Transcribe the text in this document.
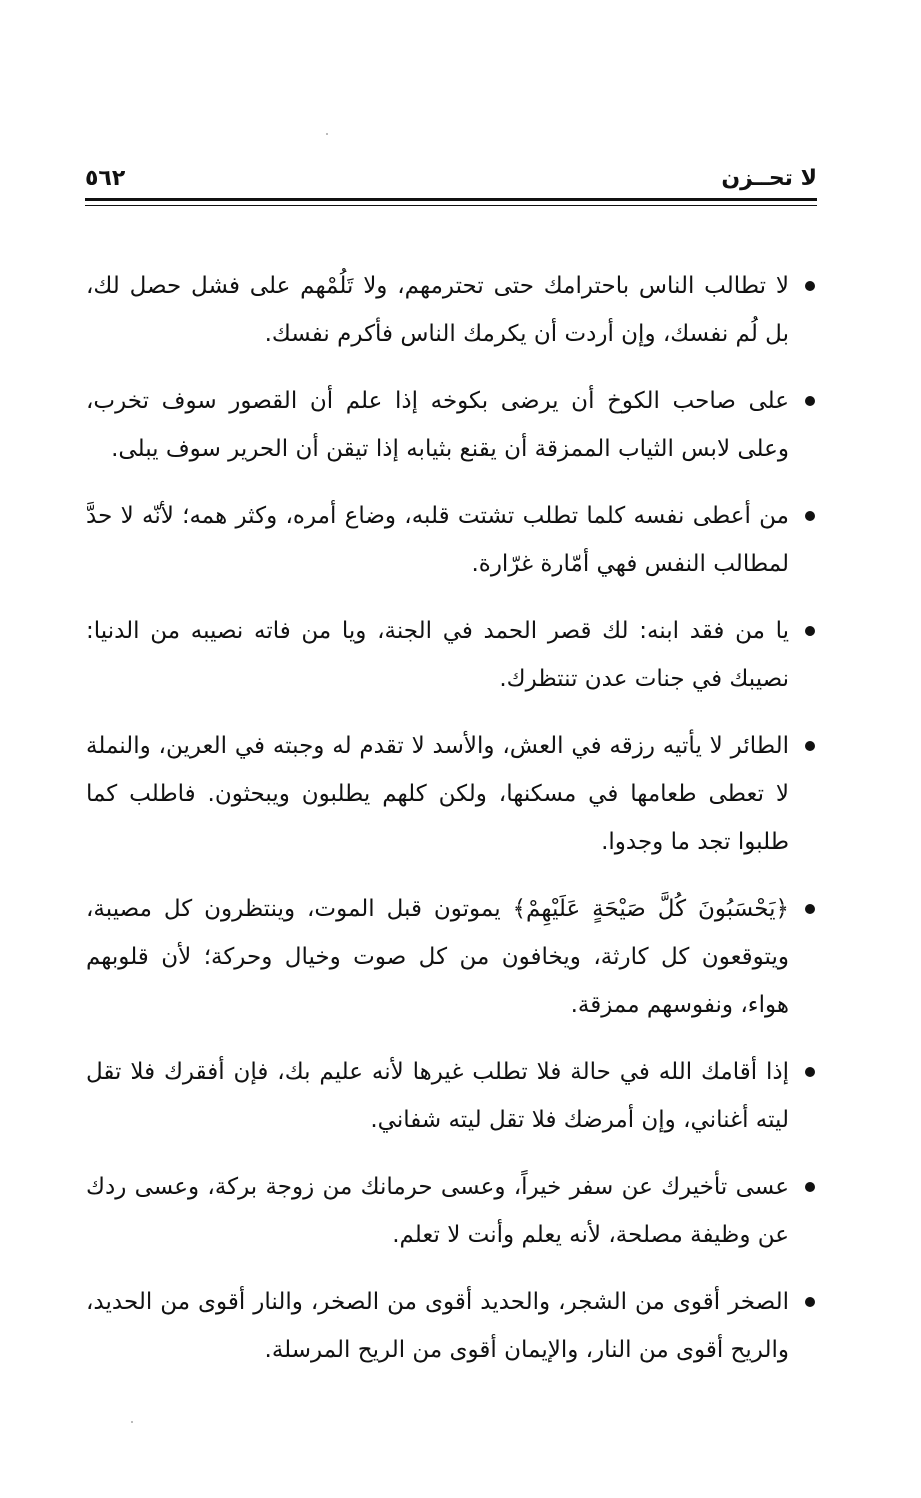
٥٦٢	لا تحــزن
لا تطالب الناس باحترامك حتى تحترمهم، ولا تَلُمْهم على فشل حصل لك، بل لُم نفسك، وإن أردت أن يكرمك الناس فأكرم نفسك.
على صاحب الكوخ أن يرضى بكوخه إذا علم أن القصور سوف تخرب، وعلى لابس الثياب الممزقة أن يقنع بثيابه إذا تيقن أن الحرير سوف يبلى.
من أعطى نفسه كلما تطلب تشتت قلبه، وضاع أمره، وكثر همه؛ لأنّه لا حدَّ لمطالب النفس فهي أمّارة غرّارة.
يا من فقد ابنه: لك قصر الحمد في الجنة، ويا من فاته نصيبه من الدنيا: نصيبك في جنات عدن تنتظرك.
الطائر لا يأتيه رزقه في العش، والأسد لا تقدم له وجبته في العرين، والنملة لا تعطى طعامها في مسكنها، ولكن كلهم يطلبون ويبحثون. فاطلب كما طلبوا تجد ما وجدوا.
﴿يَحْسَبُونَ كُلَّ صَيْحَةٍ عَلَيْهِمْ﴾ يموتون قبل الموت، وينتظرون كل مصيبة، ويتوقعون كل كارثة، ويخافون من كل صوت وخيال وحركة؛ لأن قلوبهم هواء، ونفوسهم ممزقة.
إذا أقامك الله في حالة فلا تطلب غيرها لأنه عليم بك، فإن أفقرك فلا تقل ليته أغناني، وإن أمرضك فلا تقل ليته شفاني.
عسى تأخيرك عن سفر خيراً، وعسى حرمانك من زوجة بركة، وعسى ردك عن وظيفة مصلحة، لأنه يعلم وأنت لا تعلم.
الصخر أقوى من الشجر، والحديد أقوى من الصخر، والنار أقوى من الحديد، والريح أقوى من النار، والإيمان أقوى من الريح المرسلة.
